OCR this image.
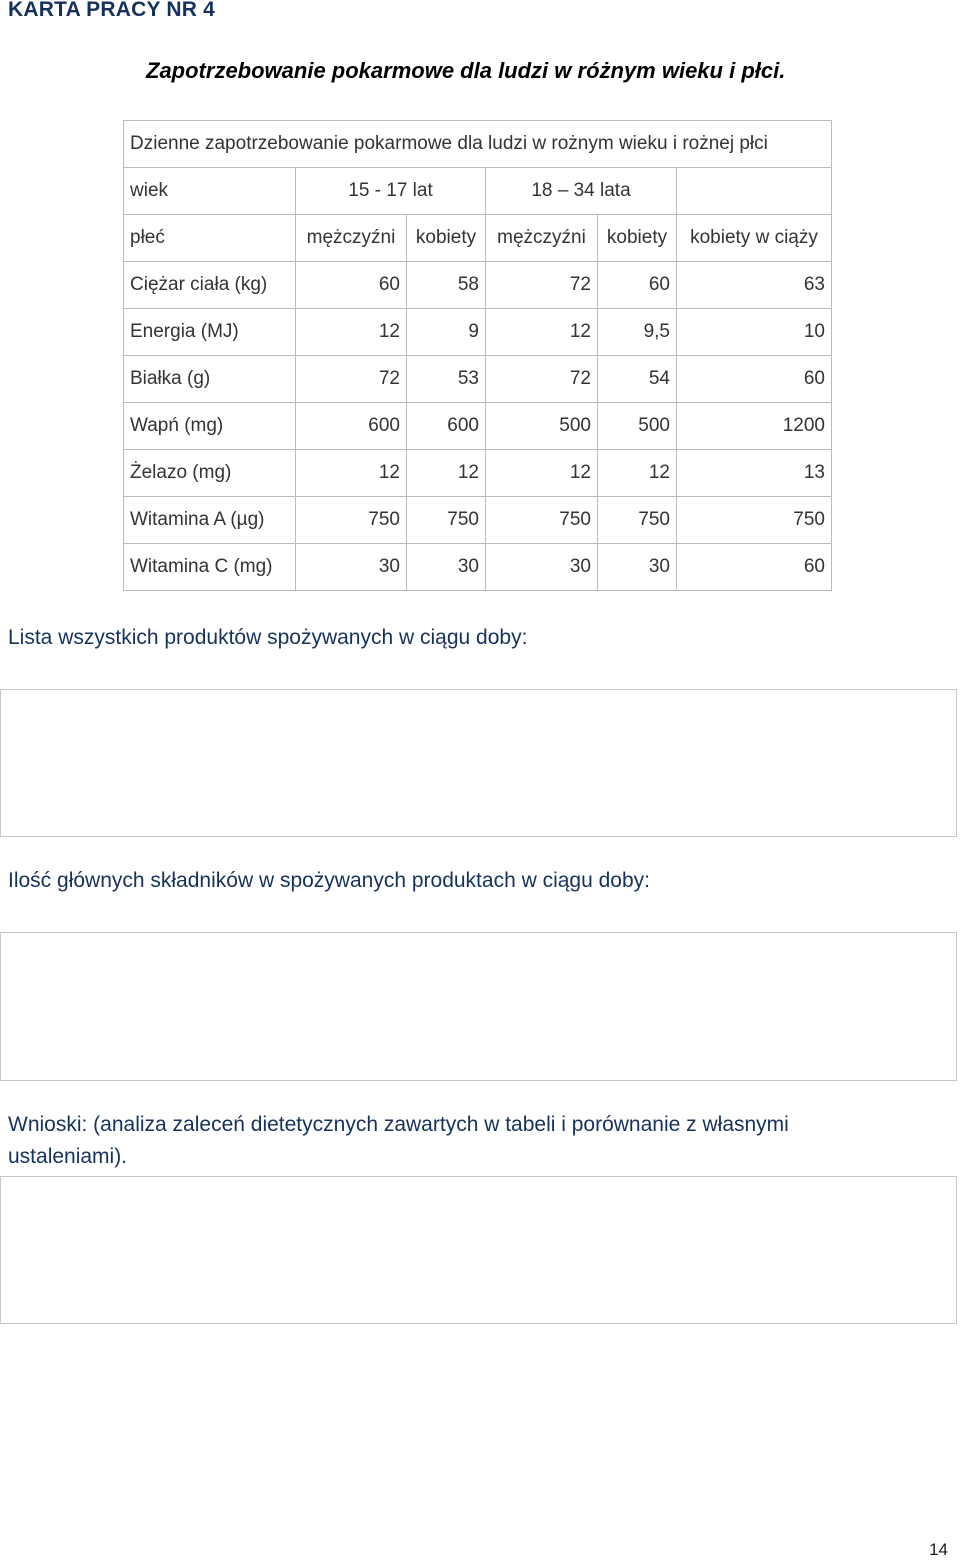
KARTA PRACY NR 4
Zapotrzebowanie pokarmowe dla ludzi w różnym wieku i płci.
Dzienne zapotrzebowanie pokarmowe dla ludzi w rożnym wieku i rożnej płci					
wiek	15 - 17 lat		18 – 34 lata		
płeć	mężczyźni	kobiety	mężczyźni	kobiety	kobiety w ciąży
Ciężar ciała (kg)	60	58	72	60	63
Energia (MJ)	12	9	12	9,5	10
Białka (g)	72	53	72	54	60
Wapń (mg)	600	600	500	500	1200
Żelazo (mg)	12	12	12	12	13
Witamina A (µg)	750	750	750	750	750
Witamina C (mg)	30	30	30	30	60
Lista wszystkich produktów spożywanych w ciągu doby:
Ilość głównych składników w spożywanych produktach w ciągu doby:
Wnioski: (analiza zaleceń dietetycznych zawartych w tabeli i porównanie z własnymi ustaleniami).
14
